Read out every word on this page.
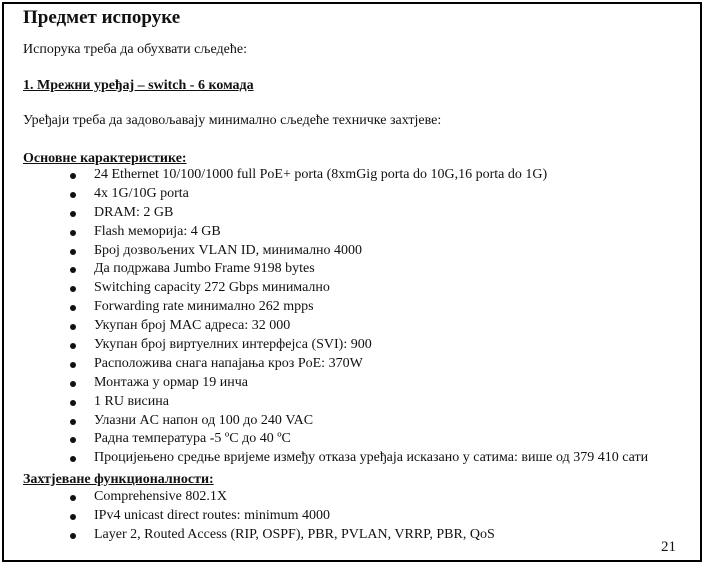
Предмет испоруке
Испорука треба да обухвати сљедеће:
1. Мрежни уређај – switch - 6 комада
Уређаји треба да задовољавају минимално сљедеће техничке захтјеве:
Основне карактеристике:
24 Ethernet 10/100/1000 full PoE+ porta (8xmGig porta do 10G,16 porta do 1G)
4x 1G/10G porta
DRAM: 2 GB
Flash меморија: 4 GB
Број дозвољених VLAN ID, минимално 4000
Да подржава Jumbo Frame 9198 bytes
Switching capacity 272 Gbps минимално
Forwarding rate минимално 262 mpps
Укупан број MAC адреса: 32 000
Укупан број виртуелних интерфејса (SVI): 900
Расположива снага напајања кроз PoE: 370W
Монтажа у ормар 19 инча
1 RU висина
Улазни AC напон од 100 до 240 VAC
Радна температура -5 ºC до 40 ºC
Процијењено средње вријеме између отказа уређаја исказано у сатима: више од 379 410 сати
Захтјеване функционалности:
Comprehensive 802.1X
IPv4 unicast direct routes: minimum 4000
Layer 2, Routed Access (RIP, OSPF), PBR, PVLAN, VRRP, PBR, QoS
21
